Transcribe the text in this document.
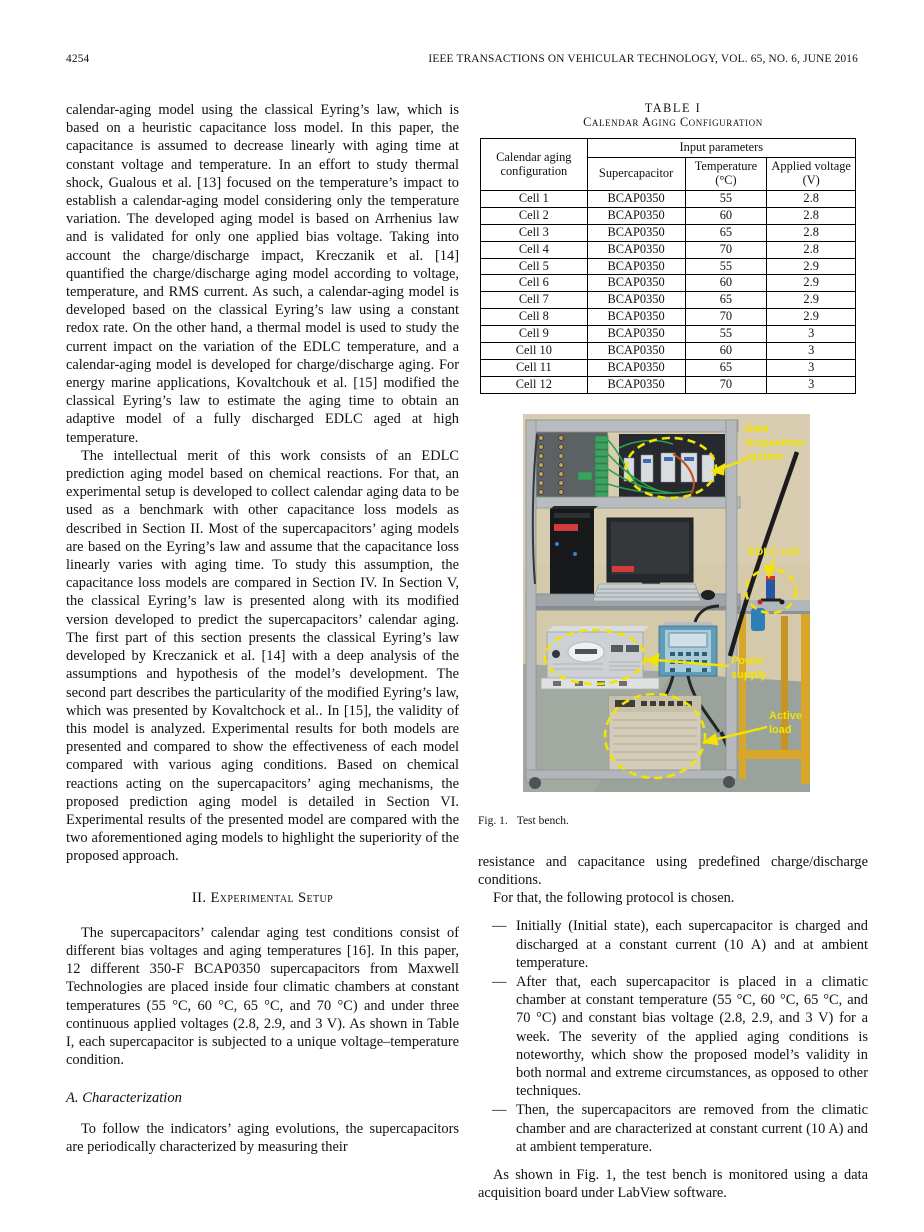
4254	IEEE TRANSACTIONS ON VEHICULAR TECHNOLOGY, VOL. 65, NO. 6, JUNE 2016

calendar-aging model using the classical Eyring’s law, which is based on a heuristic capacitance loss model. In this paper, the capacitance is assumed to decrease linearly with aging time at constant voltage and temperature. In an effort to study thermal shock, Gualous et al. [13] focused on the temperature’s impact to establish a calendar-aging model considering only the temperature variation. The developed aging model is based on Arrhenius law and is validated for only one applied bias voltage. Taking into account the charge/discharge impact, Kreczanik et al. [14] quantified the charge/discharge aging model according to voltage, temperature, and RMS current. As such, a calendar-aging model is developed based on the classical Eyring’s law using a constant redox rate. On the other hand, a thermal model is used to study the current impact on the variation of the EDLC temperature, and a calendar-aging model is developed for charge/discharge aging. For energy marine applications, Kovaltchouk et al. [15] modified the classical Eyring’s law to estimate the aging time to obtain an adaptive model of a fully discharged EDLC aged at high temperature.

The intellectual merit of this work consists of an EDLC prediction aging model based on chemical reactions. For that, an experimental setup is developed to collect calendar aging data to be used as a benchmark with other capacitance loss models as described in Section II. Most of the supercapacitors’ aging models are based on the Eyring’s law and assume that the capacitance loss linearly varies with aging time. To study this assumption, the capacitance loss models are compared in Section IV. In Section V, the classical Eyring’s law is presented along with its modified version developed to predict the supercapacitors’ calendar aging. The first part of this section presents the classical Eyring’s law developed by Kreczanick et al. [14] with a deep analysis of the assumptions and hypothesis of the model’s development. The second part describes the particularity of the modified Eyring’s law, which was presented by Kovaltchock et al.. In [15], the validity of this model is analyzed. Experimental results for both models are presented and compared to show the effectiveness of each model compared with various aging conditions. Based on chemical reactions acting on the supercapacitors’ aging mechanisms, the proposed prediction aging model is detailed in Section VI. Experimental results of the presented model are compared with the two aforementioned aging models to highlight the superiority of the proposed approach.

II. Experimental Setup

The supercapacitors’ calendar aging test conditions consist of different bias voltages and aging temperatures [16]. In this paper, 12 different 350-F BCAP0350 supercapacitors from Maxwell Technologies are placed inside four climatic chambers at constant temperatures (55 °C, 60 °C, 65 °C, and 70 °C) and under three continuous applied voltages (2.8, 2.9, and 3 V). As shown in Table I, each supercapacitor is subjected to a unique voltage–temperature condition.

A. Characterization

To follow the indicators’ aging evolutions, the supercapacitors are periodically characterized by measuring their

TABLE I
Calendar Aging Configuration
Calendar aging configuration	Input parameters		
	Supercapacitor	Temperature (°C)	Applied voltage (V)
Cell 1	BCAP0350	55	2.8
Cell 2	BCAP0350	60	2.8
Cell 3	BCAP0350	65	2.8
Cell 4	BCAP0350	70	2.8
Cell 5	BCAP0350	55	2.9
Cell 6	BCAP0350	60	2.9
Cell 7	BCAP0350	65	2.9
Cell 8	BCAP0350	70	2.9
Cell 9	BCAP0350	55	3
Cell 10	BCAP0350	60	3
Cell 11	BCAP0350	65	3
Cell 12	BCAP0350	70	3
Data Acquisition system
EDLC cell
Power supply
Active load
Fig. 1. Test bench.

resistance and capacitance using predefined charge/discharge conditions.

For that, the following protocol is chosen.

— Initially (Initial state), each supercapacitor is charged and discharged at a constant current (10 A) and at ambient temperature.
— After that, each supercapacitor is placed in a climatic chamber at constant temperature (55 °C, 60 °C, 65 °C, and 70 °C) and constant bias voltage (2.8, 2.9, and 3 V) for a week. The severity of the applied aging conditions is noteworthy, which show the proposed model’s validity in both normal and extreme circumstances, as opposed to other techniques.
— Then, the supercapacitors are removed from the climatic chamber and are characterized at constant current (10 A) and at ambient temperature.

As shown in Fig. 1, the test bench is monitored using a data acquisition board under LabView software.
